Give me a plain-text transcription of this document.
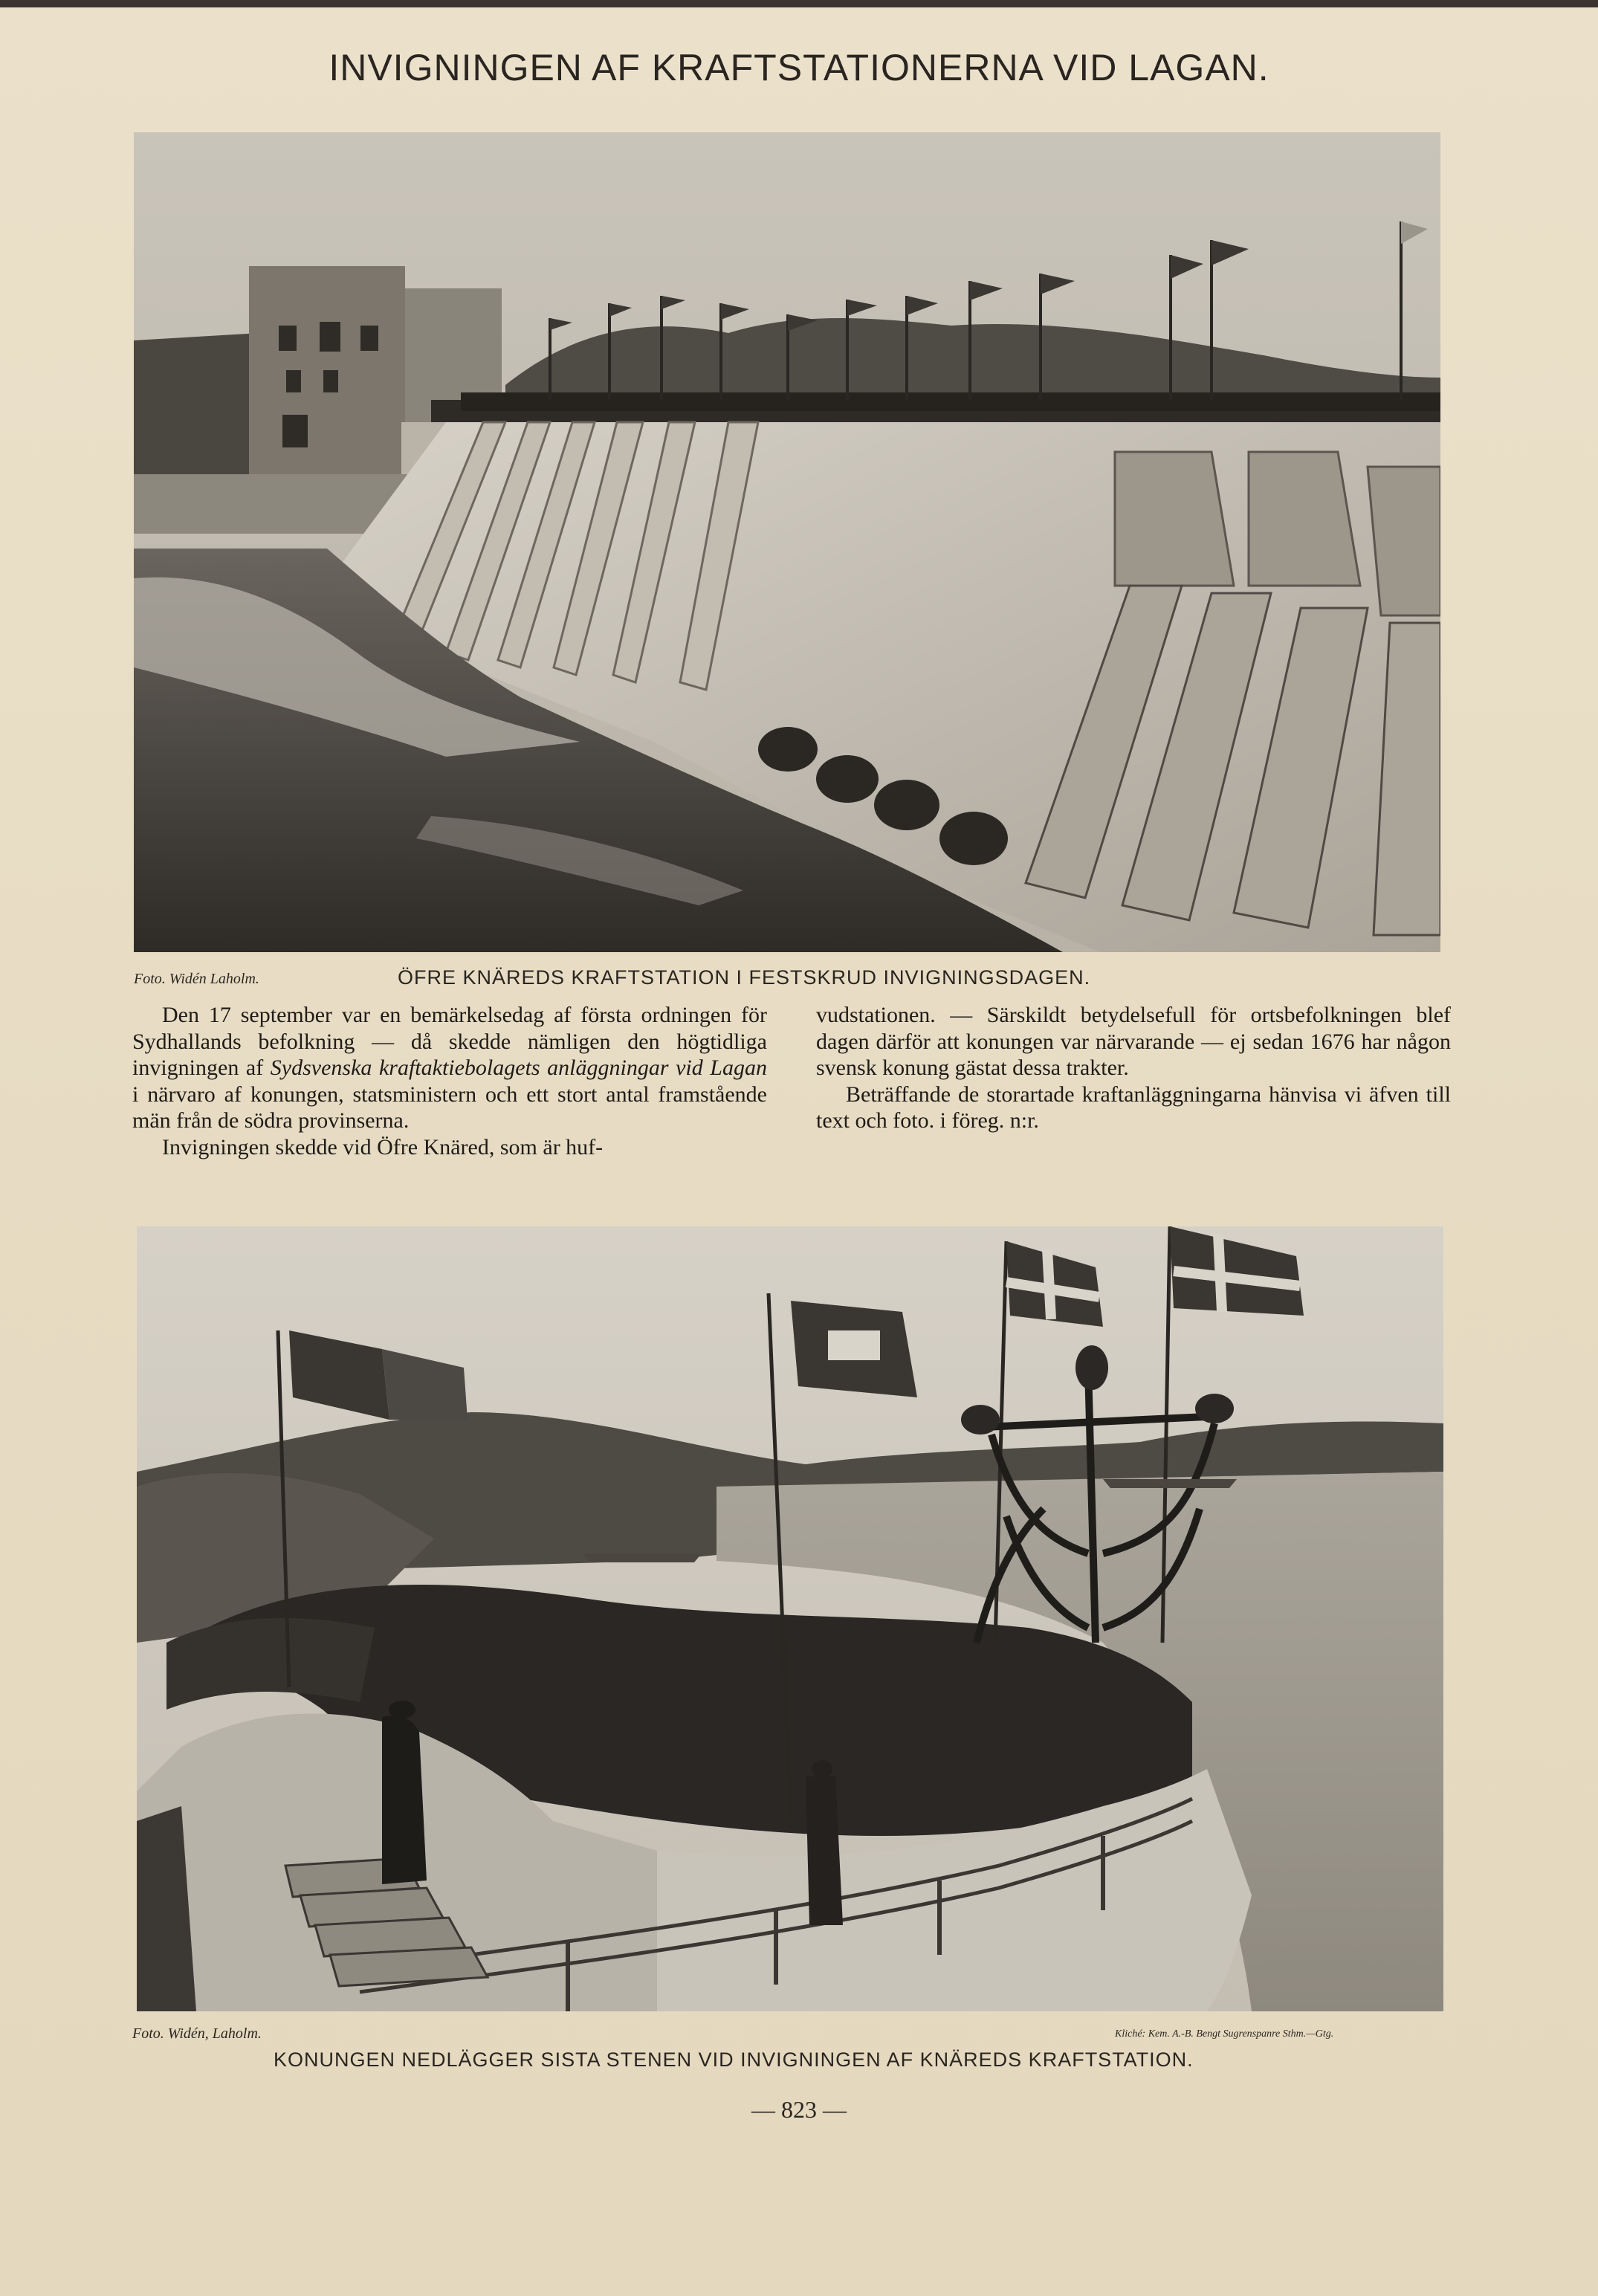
INVIGNINGEN AF KRAFTSTATIONERNA VID LAGAN.
Foto. Widén Laholm.	ÖFRE KNÄREDS KRAFTSTATION I FESTSKRUD INVIGNINGSDAGEN.

Den 17 september var en bemärkelsedag af första ordningen för Sydhallands befolkning — då skedde nämligen den högtidliga invigningen af Sydsvenska kraftaktiebolagets anläggningar vid Lagan i närvaro af konungen, statsministern och ett stort antal framstående män från de södra provinserna.

Invigningen skedde vid Öfre Knäred, som är huf-

vudstationen. — Särskildt betydelsefull för ortsbefolkningen blef dagen därför att konungen var närvarande — ej sedan 1676 har någon svensk konung gästat dessa trakter.

Beträffande de storartade kraftanläggningarna hänvisa vi äfven till text och foto. i föreg. n:r.

Foto. Widén, Laholm.	Kliché: Kem. A.-B. Bengt Sugrenspanre Sthm.—Gtg.
KONUNGEN NEDLÄGGER SISTA STENEN VID INVIGNINGEN AF KNÄREDS KRAFTSTATION.
— 823 —
